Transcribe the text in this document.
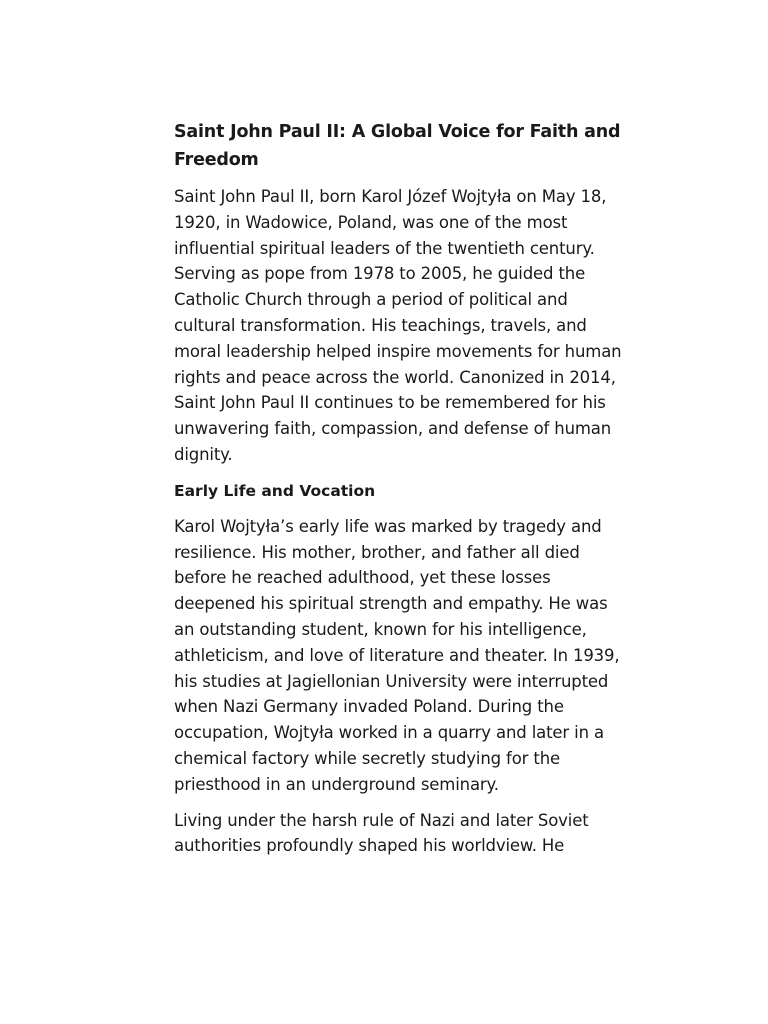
Saint John Paul II: A Global Voice for Faith and Freedom

Saint John Paul II, born Karol Józef Wojtyła on May 18, 1920, in Wadowice, Poland, was one of the most influential spiritual leaders of the twentieth century. Serving as pope from 1978 to 2005, he guided the Catholic Church through a period of political and cultural transformation. His teachings, travels, and moral leadership helped inspire movements for human rights and peace across the world. Canonized in 2014, Saint John Paul II continues to be remembered for his unwavering faith, compassion, and defense of human dignity.

Early Life and Vocation

Karol Wojtyła’s early life was marked by tragedy and resilience. His mother, brother, and father all died before he reached adulthood, yet these losses deepened his spiritual strength and empathy. He was an outstanding student, known for his intelligence, athleticism, and love of literature and theater. In 1939, his studies at Jagiellonian University were interrupted when Nazi Germany invaded Poland. During the occupation, Wojtyła worked in a quarry and later in a chemical factory while secretly studying for the priesthood in an underground seminary.

Living under the harsh rule of Nazi and later Soviet authorities profoundly shaped his worldview. He
